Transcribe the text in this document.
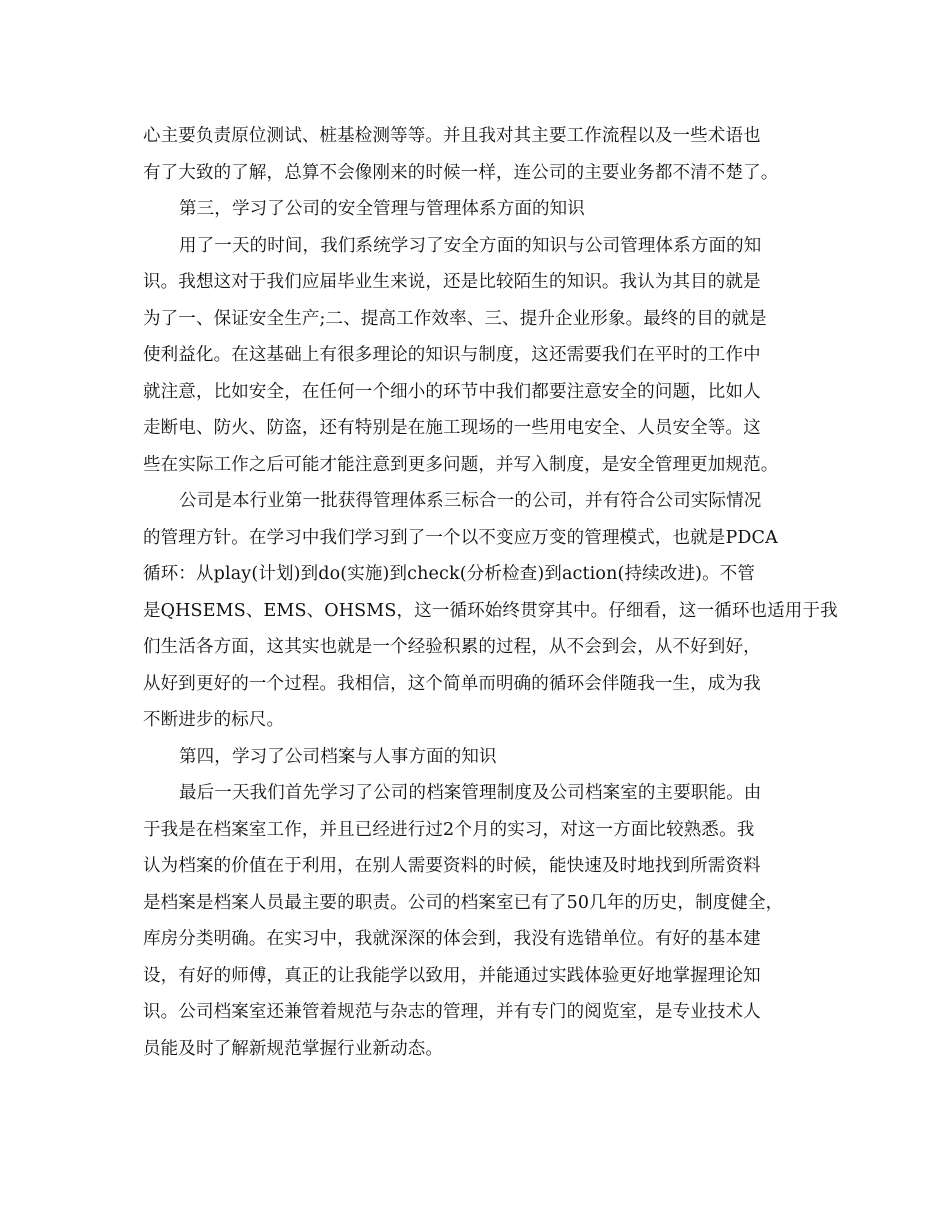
心主要负责原位测试、桩基检测等等。并且我对其主要工作流程以及一些术语也
有了大致的了解，总算不会像刚来的时候一样，连公司的主要业务都不清不楚了。
第三，学习了公司的安全管理与管理体系方面的知识
用了一天的时间，我们系统学习了安全方面的知识与公司管理体系方面的知
识。我想这对于我们应届毕业生来说，还是比较陌生的知识。我认为其目的就是
为了一、保证安全生产;二、提高工作效率、三、提升企业形象。最终的目的就是
使利益化。在这基础上有很多理论的知识与制度，这还需要我们在平时的工作中
就注意，比如安全，在任何一个细小的环节中我们都要注意安全的问题，比如人
走断电、防火、防盗，还有特别是在施工现场的一些用电安全、人员安全等。这
些在实际工作之后可能才能注意到更多问题，并写入制度，是安全管理更加规范。
公司是本行业第一批获得管理体系三标合一的公司，并有符合公司实际情况
的管理方针。在学习中我们学习到了一个以不变应万变的管理模式，也就是PDCA
循环：从play(计划)到do(实施)到check(分析检查)到action(持续改进)。不管
是QHSEMS、EMS、OHSMS，这一循环始终贯穿其中。仔细看，这一循环也适用于我
们生活各方面，这其实也就是一个经验积累的过程，从不会到会，从不好到好，
从好到更好的一个过程。我相信，这个简单而明确的循环会伴随我一生，成为我
不断进步的标尺。
第四，学习了公司档案与人事方面的知识
最后一天我们首先学习了公司的档案管理制度及公司档案室的主要职能。由
于我是在档案室工作，并且已经进行过2个月的实习，对这一方面比较熟悉。我
认为档案的价值在于利用，在别人需要资料的时候，能快速及时地找到所需资料
是档案是档案人员最主要的职责。公司的档案室已有了50几年的历史，制度健全，
库房分类明确。在实习中，我就深深的体会到，我没有选错单位。有好的基本建
设，有好的师傅，真正的让我能学以致用，并能通过实践体验更好地掌握理论知
识。公司档案室还兼管着规范与杂志的管理，并有专门的阅览室，是专业技术人
员能及时了解新规范掌握行业新动态。
